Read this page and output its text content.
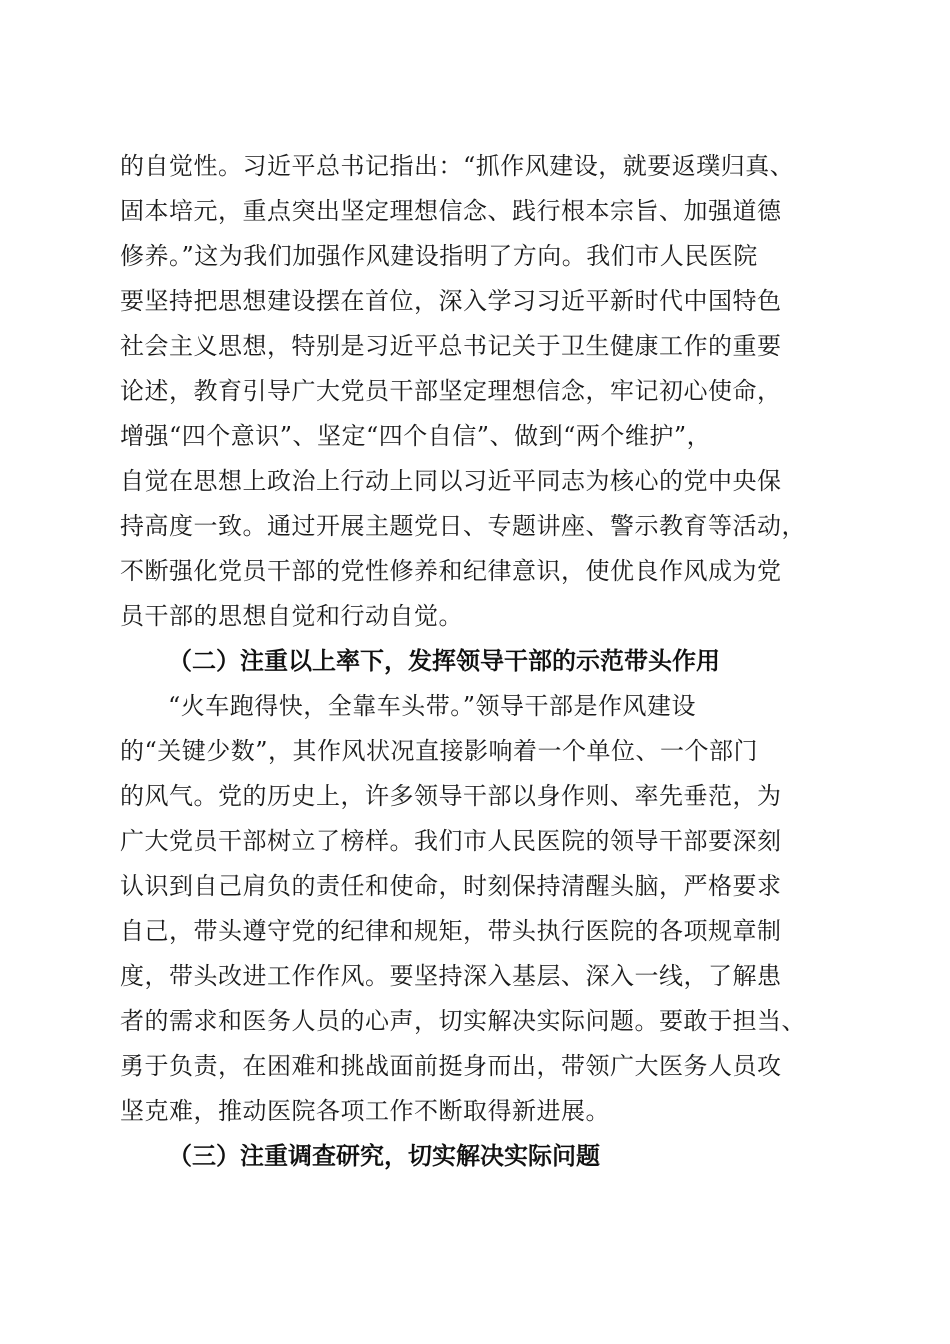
的自觉性。习近平总书记指出：“抓作风建设，就要返璞归真、
固本培元，重点突出坚定理想信念、践行根本宗旨、加强道德
修养。”这为我们加强作风建设指明了方向。我们市人民医院
要坚持把思想建设摆在首位，深入学习习近平新时代中国特色
社会主义思想，特别是习近平总书记关于卫生健康工作的重要
论述，教育引导广大党员干部坚定理想信念，牢记初心使命，
增强“四个意识”、坚定“四个自信”、做到“两个维护”，
自觉在思想上政治上行动上同以习近平同志为核心的党中央保
持高度一致。通过开展主题党日、专题讲座、警示教育等活动，
不断强化党员干部的党性修养和纪律意识，使优良作风成为党
员干部的思想自觉和行动自觉。
（二）注重以上率下，发挥领导干部的示范带头作用
“火车跑得快，全靠车头带。”领导干部是作风建设
的“关键少数”，其作风状况直接影响着一个单位、一个部门
的风气。党的历史上，许多领导干部以身作则、率先垂范，为
广大党员干部树立了榜样。我们市人民医院的领导干部要深刻
认识到自己肩负的责任和使命，时刻保持清醒头脑，严格要求
自己，带头遵守党的纪律和规矩，带头执行医院的各项规章制
度，带头改进工作作风。要坚持深入基层、深入一线，了解患
者的需求和医务人员的心声，切实解决实际问题。要敢于担当、
勇于负责，在困难和挑战面前挺身而出，带领广大医务人员攻
坚克难，推动医院各项工作不断取得新进展。
（三）注重调查研究，切实解决实际问题
